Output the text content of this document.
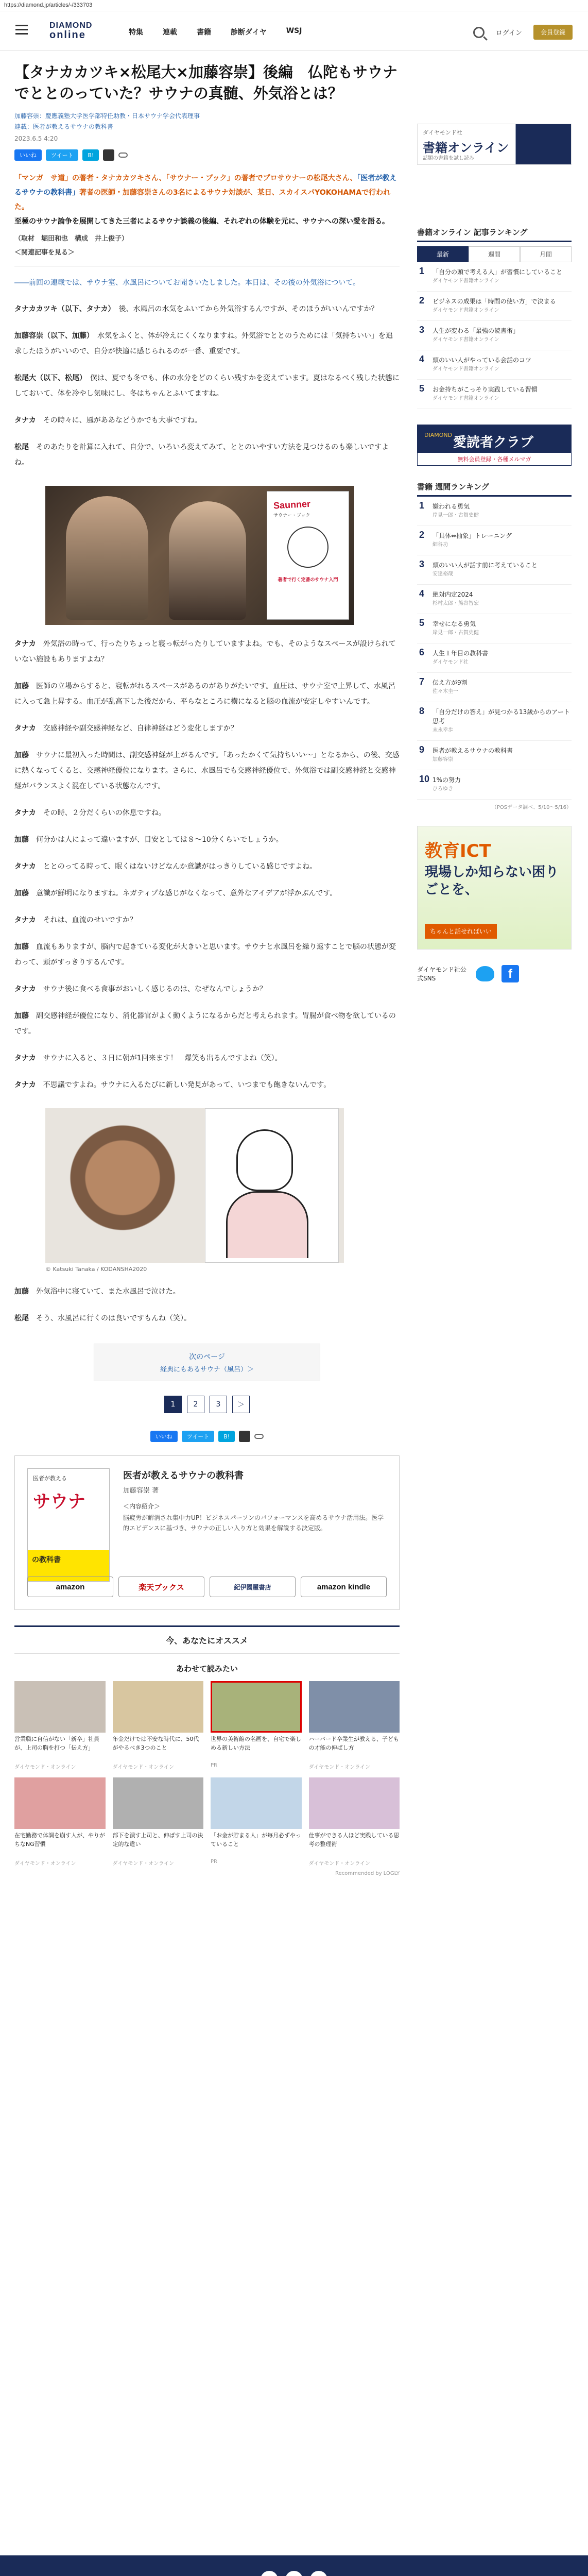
https://diamond.jp/articles/-/333703
DIAMOND
online	特集	連載	書籍	診断ダイヤ	WSJ	ログイン	会員登録
【タナカカツキ×松尾大×加藤容崇】後編　仏陀もサウナでととのっていた？サウナの真髄、外気浴とは？
加藤容崇：慶應義塾大学医学部特任助教・日本サウナ学会代表理事
連載：医者が教えるサウナの教科書
2023.6.5 4:20
いいね	ツイート	B!
「マンガ　サ道」の著者・タナカカツキさん、「サウナー・ブック」の著者でプロサウナーの松尾大さん、「医者が教えるサウナの教科書」著者の医師・加藤容崇さんの3名によるサウナ対談が、某日、スカイスパYOKOHAMAで行われた。
至極のサウナ論争を展開してきた三者によるサウナ談義の後編、それぞれの体験を元に、サウナへの深い愛を語る。
（取材　堀田和也　構成　井上俊子）
＜関連記事を見る＞
――前回の連載では、サウナ室、水風呂についてお聞きいたしました。本日は、その後の外気浴について。

タナカカツキ（以下、タナカ）　後、水風呂の水気をふいてから外気浴するんですが、そのほうがいいんですか？

加藤容崇（以下、加藤）　水気をふくと、体が冷えにくくなりますね。外気浴でととのうためには「気持ちいい」を追求したほうがいいので、自分が快適に感じられるのが一番、重要です。

松尾大（以下、松尾）　僕は、夏でも冬でも、体の水分をどのくらい残すかを変えています。夏はなるべく残した状態にしておいて、体を冷やし気味にし、冬はちゃんとふいてますね。

タナカ　その時々に、風がああなどうかでも大事ですね。

松尾　そのあたりを計算に入れて、自分で、いろいろ変えてみて、ととのいやすい方法を見つけるのも楽しいですよね。

Saunner
サウナー・ブック
著者で行く定番のサウナ入門

タナカ　外気浴の時って、行ったりちょっと寝っ転がったりしていますよね。でも、そのようなスペースが設けられていない施設もありますよね？

加藤　医師の立場からすると、寝転がれるスペースがあるのがありがたいです。血圧は、サウナ室で上昇して、水風呂に入って急上昇する。血圧が乱高下した後だから、平らなところに横になると脳の血流が安定しやすいんです。

タナカ　交感神経や副交感神経など、自律神経はどう変化しますか？

加藤　サウナに最初入った時間は、副交感神経が上がるんです。「あったかくて気持ちいい～」となるから、の後、交感に熱くなってくると、交感神経優位になります。さらに、水風呂でも交感神経優位で、外気浴では副交感神経と交感神経がバランスよく混在している状態なんです。

タナカ　その時、２分だくらいの休息ですね。

加藤　何分かは人によって違いますが、目安としては８～10分くらいでしょうか。

タナカ　ととのってる時って、眠くはないけどなんか意識がはっきりしている感じですよね。

加藤　意識が鮮明になりますね。ネガティブな感じがなくなって、意外なアイデアが浮かぶんです。

タナカ　それは、血流のせいですか？

加藤　血流もありますが、脳内で起きている変化が大きいと思います。サウナと水風呂を繰り返すことで脳の状態が変わって、頭がすっきりするんです。

タナカ　サウナ後に食べる食事がおいしく感じるのは、なぜなんでしょうか？

加藤　副交感神経が優位になり、消化器官がよく動くようになるからだと考えられます。胃腸が食べ物を欲しているのです。

タナカ　サウナに入ると、３日に朝が1回来ます！　爆笑も出るんですよね（笑）。

タナカ　不思議ですよね。サウナに入るたびに新しい発見があって、いつまでも飽きないんです。

© Katsuki Tanaka / KODANSHA2020

加藤　外気浴中に寝ていて、また水風呂で泣けた。

松尾　そう、水風呂に行くのは良いですもんね（笑）。

次のページ
経典にもあるサウナ（風呂）＞
1	2	3	＞
いいね	ツイート	B!
医者が教える
サウナ
の教科書
医者が教えるサウナの教科書
加藤容崇 著
＜内容紹介＞
脳疲労が解消され集中力UP！ビジネスパーソンのパフォーマンスを高めるサウナ活用法。医学的エビデンスに基づき、サウナの正しい入り方と効果を解説する決定版。
amazon	楽天ブックス	紀伊國屋書店	amazon kindle
今、あなたにオススメ
あわせて読みたい
営業職に自信がない「新卒」社員が、上司の胸を打つ「伝え方」
ダイヤモンド・オンライン
年金だけでは不安な時代に、50代がやるべき3つのこと
ダイヤモンド・オンライン
世界の美術館の名画を、自宅で楽しめる新しい方法
PR
ハーバード卒業生が教える、子どもの才能の伸ばし方
ダイヤモンド・オンライン
在宅勤務で体調を崩す人が、やりがちなNG習慣
ダイヤモンド・オンライン
部下を潰す上司と、伸ばす上司の決定的な違い
ダイヤモンド・オンライン
「お金が貯まる人」が毎月必ずやっていること
PR
仕事ができる人ほど実践している思考の整理術
ダイヤモンド・オンライン
Recommended by LOGLY
ダイヤモンド社
書籍オンライン
話題の書籍を試し読み
書籍オンライン 記事ランキング
最新	週間	月間
1 「自分の頭で考える人」が習慣にしていること
ダイヤモンド書籍オンライン
2 ビジネスの成果は「時間の使い方」で決まる
ダイヤモンド書籍オンライン
3 人生が変わる「最強の読書術」
ダイヤモンド書籍オンライン
4 頭のいい人がやっている会話のコツ
ダイヤモンド書籍オンライン
5 お金持ちがこっそり実践している習慣
ダイヤモンド書籍オンライン
DIAMOND 愛読者クラブ
無料会員登録・各種メルマガ
書籍 週間ランキング
1 嫌われる勇気
岸見一郎・古賀史健
2 「具体⇔抽象」トレーニング
細谷功
3 頭のいい人が話す前に考えていること
安達裕哉
4 絶対内定2024
杉村太郎・熊谷智宏
5 幸せになる勇気
岸見一郎・古賀史健
6 人生１年目の教科書
ダイヤモンド社
7 伝え方が9割
佐々木圭一
8 「自分だけの答え」が見つかる13歳からのアート思考
末永幸歩
9 医者が教えるサウナの教科書
加藤容崇
10 1%の努力
ひろゆき
（POSデータ調べ、5/10～5/16）
教育ICT
現場しか知らない困りごとを、
ちゃんと話せればいい
ダイヤモンド社公式SNS	f
